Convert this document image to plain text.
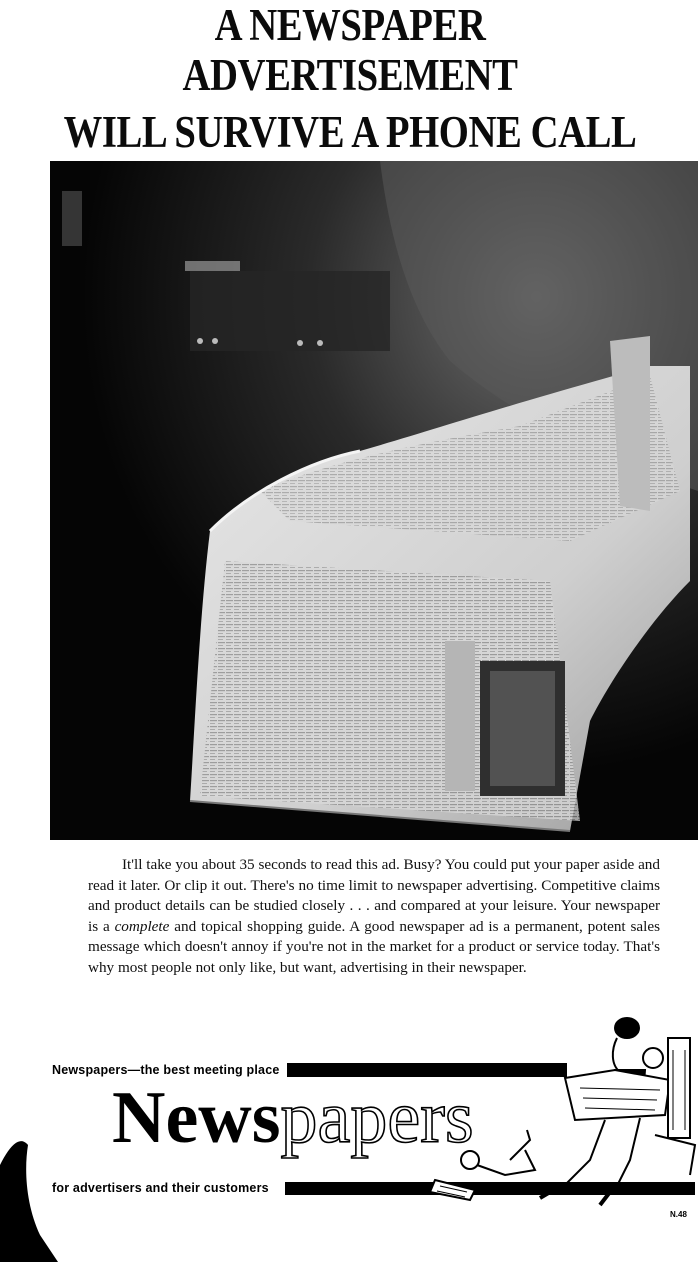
A NEWSPAPER ADVERTISEMENT
WILL SURVIVE A PHONE CALL

It'll take you about 35 seconds to read this ad. Busy? You could put your paper aside and read it later. Or clip it out. There's no time limit to newspaper advertising. Competitive claims and product details can be studied closely . . . and compared at your leisure. Your newspaper is a complete and topical shopping guide. A good newspaper ad is a permanent, potent sales message which doesn't annoy if you're not in the market for a product or service today. That's why most people not only like, but want, advertising in their newspaper.

Newspapers—the best meeting place
Newspapers
for advertisers and their customers
N.48
